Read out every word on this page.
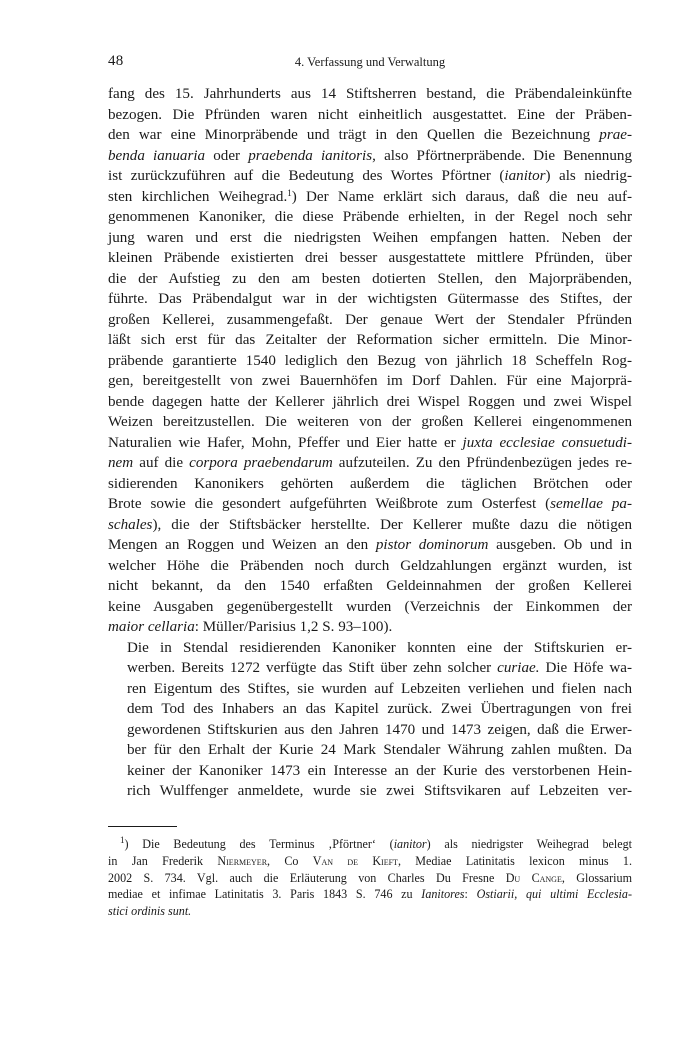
48	4. Verfassung und Verwaltung

fang des 15. Jahrhunderts aus 14 Stiftsherren bestand, die Präbendaleinkünfte
bezogen. Die Pfründen waren nicht einheitlich ausgestattet. Eine der Präben-
den war eine Minorpräbende und trägt in den Quellen die Bezeichnung prae-
benda ianuaria oder praebenda ianitoris, also Pförtnerpräbende. Die Benennung
ist zurückzuführen auf die Bedeutung des Wortes Pförtner (ianitor) als niedrig-
sten kirchlichen Weihegrad.$^1$) Der Name erklärt sich daraus, daß die neu auf-
genommenen Kanoniker, die diese Präbende erhielten, in der Regel noch sehr
jung waren und erst die niedrigsten Weihen empfangen hatten. Neben der
kleinen Präbende existierten drei besser ausgestattete mittlere Pfründen, über
die der Aufstieg zu den am besten dotierten Stellen, den Majorpräbenden,
führte. Das Präbendalgut war in der wichtigsten Gütermasse des Stiftes, der
großen Kellerei, zusammengefaßt. Der genaue Wert der Stendaler Pfründen
läßt sich erst für das Zeitalter der Reformation sicher ermitteln. Die Minor-
präbende garantierte 1540 lediglich den Bezug von jährlich 18 Scheffeln Rog-
gen, bereitgestellt von zwei Bauernhöfen im Dorf Dahlen. Für eine Majorprä-
bende dagegen hatte der Kellerer jährlich drei Wispel Roggen und zwei Wispel
Weizen bereitzustellen. Die weiteren von der großen Kellerei eingenommenen
Naturalien wie Hafer, Mohn, Pfeffer und Eier hatte er juxta ecclesiae consuetudi-
nem auf die corpora praebendarum aufzuteilen. Zu den Pfründenbezügen jedes re-
sidierenden Kanonikers gehörten außerdem die täglichen Brötchen oder
Brote sowie die gesondert aufgeführten Weißbrote zum Osterfest (semellae pa-
schales), die der Stiftsbäcker herstellte. Der Kellerer mußte dazu die nötigen
Mengen an Roggen und Weizen an den pistor dominorum ausgeben. Ob und in
welcher Höhe die Präbenden noch durch Geldzahlungen ergänzt wurden, ist
nicht bekannt, da den 1540 erfaßten Geldeinnahmen der großen Kellerei
keine Ausgaben gegenübergestellt wurden (Verzeichnis der Einkommen der
maior cellaria: Müller/Parisius 1,2 S. 93–100).

Die in Stendal residierenden Kanoniker konnten eine der Stiftskurien er-
werben. Bereits 1272 verfügte das Stift über zehn solcher curiae. Die Höfe wa-
ren Eigentum des Stiftes, sie wurden auf Lebzeiten verliehen und fielen nach
dem Tod des Inhabers an das Kapitel zurück. Zwei Übertragungen von frei
gewordenen Stiftskurien aus den Jahren 1470 und 1473 zeigen, daß die Erwer-
ber für den Erhalt der Kurie 24 Mark Stendaler Währung zahlen mußten. Da
keiner der Kanoniker 1473 ein Interesse an der Kurie des verstorbenen Hein-
rich Wulffenger anmeldete, wurde sie zwei Stiftsvikaren auf Lebzeiten ver-

$^1$) Die Bedeutung des Terminus ‚Pförtner‘ (ianitor) als niedrigster Weihegrad belegt
in Jan Frederik Niermeyer, Co Van de Kieft, Mediae Latinitatis lexicon minus 1.
2002 S. 734. Vgl. auch die Erläuterung von Charles Du Fresne Du Cange, Glossarium
mediae et infimae Latinitatis 3. Paris 1843 S. 746 zu Ianitores: Ostiarii, qui ultimi Ecclesia-
stici ordinis sunt.
